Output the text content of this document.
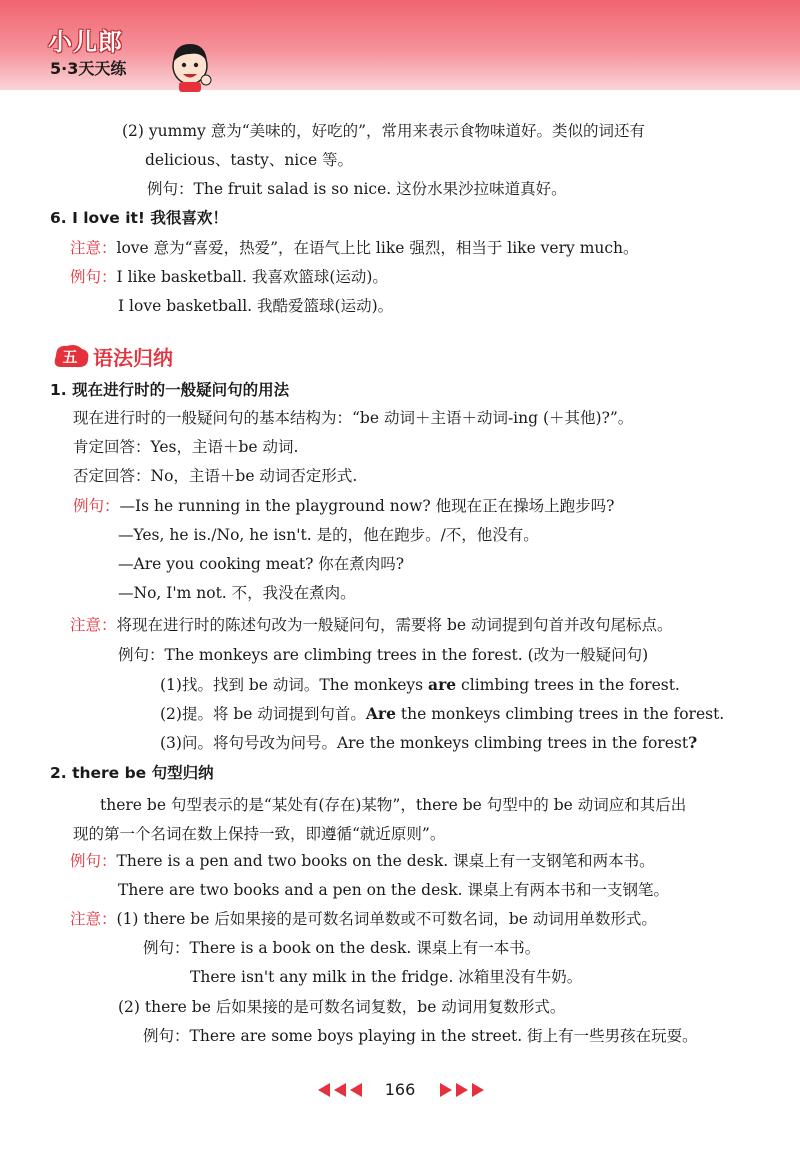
小儿郎
5·3天天练
(2) yummy 意为“美味的，好吃的”，常用来表示食物味道好。类似的词还有
delicious、tasty、nice 等。
例句：The fruit salad is so nice. 这份水果沙拉味道真好。
6. I love it! 我很喜欢！
注意：love 意为“喜爱，热爱”，在语气上比 like 强烈，相当于 like very much。
例句：I like basketball. 我喜欢篮球(运动)。
I love basketball. 我酷爱篮球(运动)。
五 语法归纳
1. 现在进行时的一般疑问句的用法
现在进行时的一般疑问句的基本结构为：“be 动词＋主语＋动词-ing (＋其他)?”。
肯定回答：Yes，主语＋be 动词.
否定回答：No，主语＋be 动词否定形式.
例句：—Is he running in the playground now? 他现在正在操场上跑步吗?
—Yes, he is./No, he isn't. 是的，他在跑步。/不，他没有。
—Are you cooking meat? 你在煮肉吗?
—No, I'm not. 不，我没在煮肉。
注意：将现在进行时的陈述句改为一般疑问句，需要将 be 动词提到句首并改句尾标点。
例句：The monkeys are climbing trees in the forest. (改为一般疑问句)
(1)找。找到 be 动词。The monkeys are climbing trees in the forest.
(2)提。将 be 动词提到句首。Are the monkeys climbing trees in the forest.
(3)问。将句号改为问号。Are the monkeys climbing trees in the forest?
2. there be 句型归纳
there be 句型表示的是“某处有(存在)某物”，there be 句型中的 be 动词应和其后出
现的第一个名词在数上保持一致，即遵循“就近原则”。
例句：There is a pen and two books on the desk. 课桌上有一支钢笔和两本书。
There are two books and a pen on the desk. 课桌上有两本书和一支钢笔。
注意：(1) there be 后如果接的是可数名词单数或不可数名词，be 动词用单数形式。
例句：There is a book on the desk. 课桌上有一本书。
There isn't any milk in the fridge. 冰箱里没有牛奶。
(2) there be 后如果接的是可数名词复数，be 动词用复数形式。
例句：There are some boys playing in the street. 街上有一些男孩在玩耍。
166
